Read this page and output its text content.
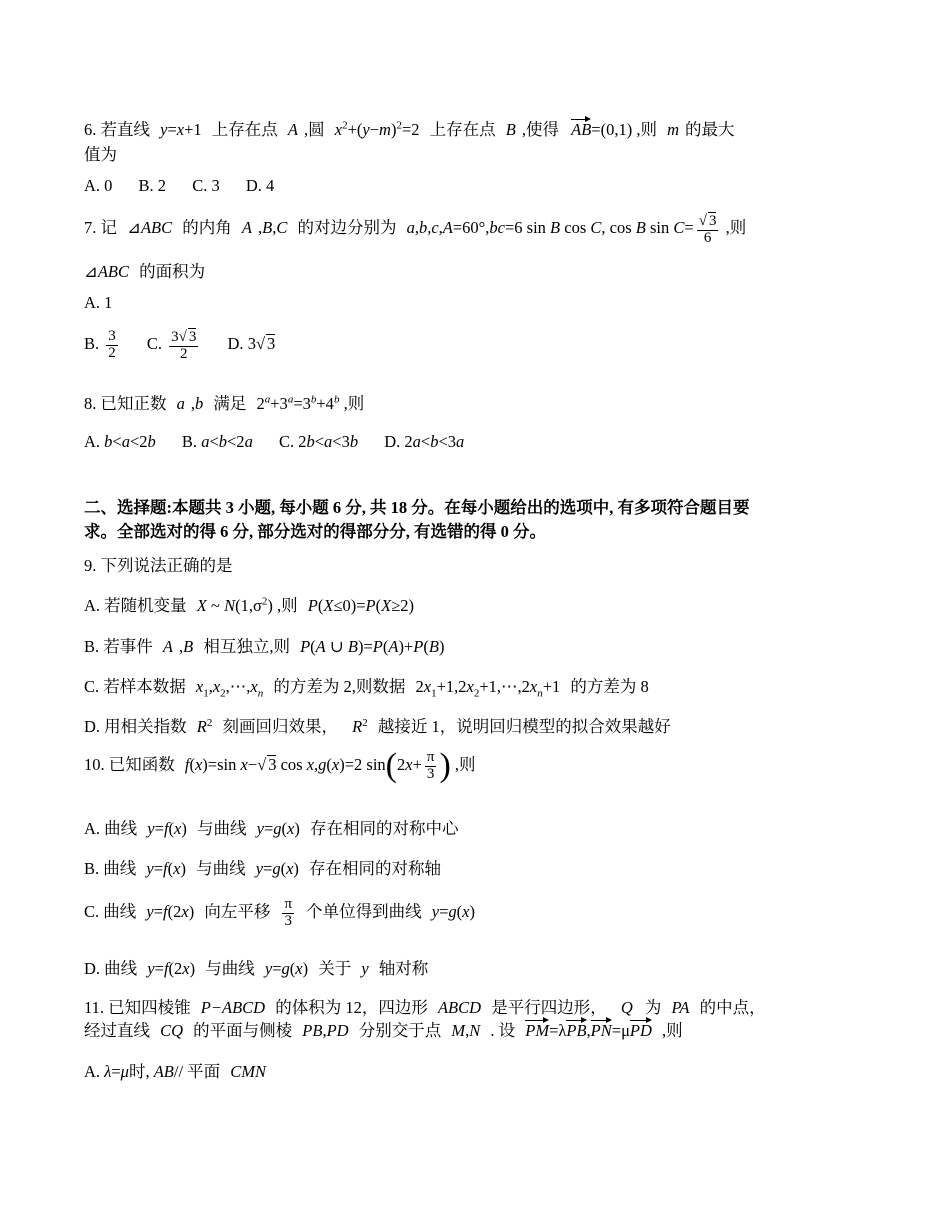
6. 若直线 y=x+1 上存在点 A ,圆 $x^2+(y-m)^2=2$ 上存在点 B ,使得 AB=(0,1) ,则 m 的最大
值为
A. 0 B. 2 C. 3 D. 4
7. 记 ⊿ABC 的内角 A ,B,C 的对边分别为 a,b,c,A=60°,bc=6 sin B cos C, cos B $\sin C= \frac{√ 3}{6}$ ,则
⊿ABC 的面积为
A. 1
B. $\frac{3}{2} C$. $\frac{3√ 3}{2} D$. 3√ 3
8. 已知正数 a ,b 满足 $2^a+3^a=3^b+4^b$ ,则
A. b<a<2b B. a<b<2a C. 2b<a<3b D. 2a<b<3a
二、选择题:本题共 3 小题, 每小题 6 分, 共 18 分。在每小题给出的选项中, 有多项符合题目要
求。全部选对的得 6 分, 部分选对的得部分分, 有选错的得 0 分。
9. 下列说法正确的是
A. 若随机变量 X ~ $N(1,\sigma^2)$ ,则 P(X≤0)=P(X≥2)
B. 若事件 A ,B 相互独立,则 P(A ∪ B)=P(A)+P(B)
C. 若样本数据 $x_1,x_2,\cdots,x_n$ 的方差为 2,则数据 $2x_1+1,2x_2+1,\cdots,2x_n+1$ 的方差为 8
D. 用相关指数 $R^2$ 刻画回归效果， $R^2$ 越接近 1，说明回归模型的拟合效果越好
10. 已知函数 f(x)=sin x−√ 3 cos x,g(x)=2 $\sin(2x+ \frac{\pi}{3}$ ) ,则
A. 曲线 y=f(x) 与曲线 y=g(x) 存在相同的对称中心
B. 曲线 y=f(x) 与曲线 y=g(x) 存在相同的对称轴
C. 曲线 y=f(2x) 向左平移 $\frac{\pi}{3}$ 个单位得到曲线 y=g(x)
D. 曲线 y=f(2x) 与曲线 y=g(x) 关于 y 轴对称
11. 已知四棱锥 P−ABCD 的体积为 12，四边形 ABCD 是平行四边形， Q 为 PA 的中点，
经过直线 CQ 的平面与侧棱 PB,PD 分别交于点 M,N . 设 PM=λPB,PN=μPD ,则
A. λ=μ时, AB// 平面 CMN
